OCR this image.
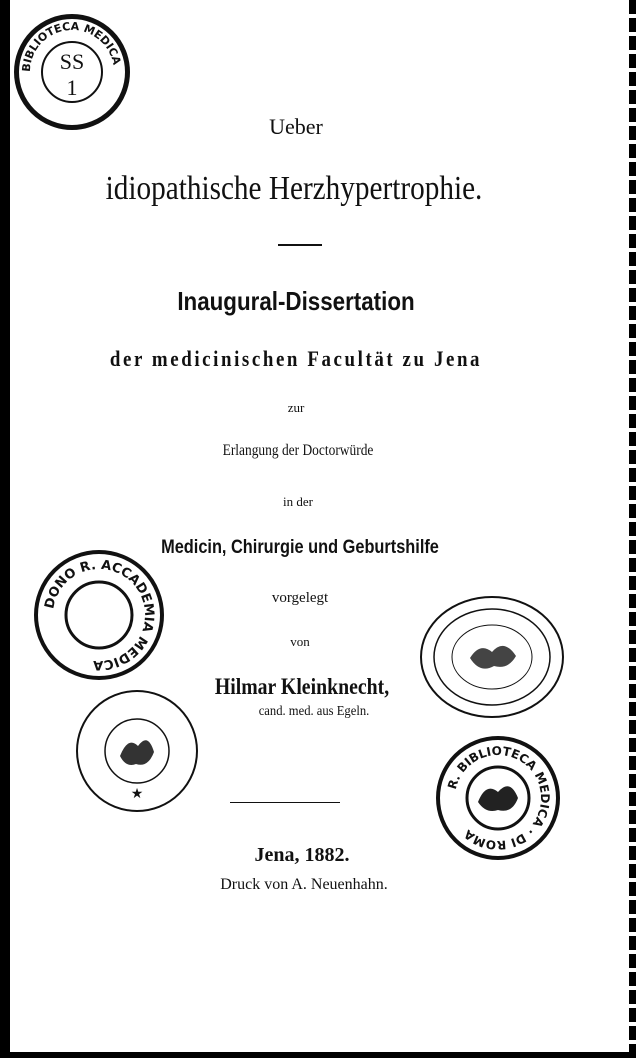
BIBLIOTECA MEDICA
SS
1
Ueber
idiopathische Herzhypertrophie.
Inaugural-Dissertation
der medicinischen Facultät zu Jena
zur
Erlangung der Doctorwürde
in der
Medicin, Chirurgie und Geburtshilfe
vorgelegt
von
Hilmar Kleinknecht,
cand. med. aus Egeln.
Jena, 1882.
Druck von A. Neuenhahn.
DONO R. ACCADEMIA MEDICA
★
R. BIBLIOTECA MEDICA · DI ROMA
